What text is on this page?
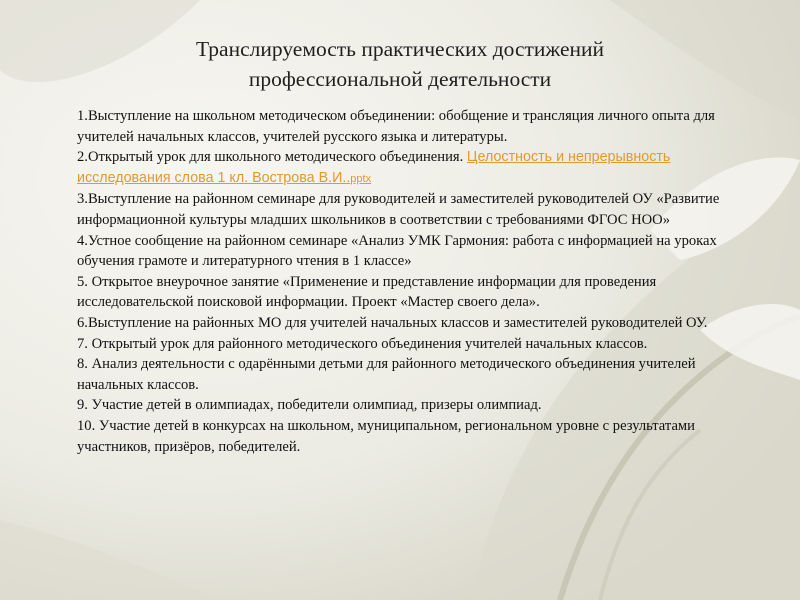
Транслируемость практических достижений
профессиональной деятельности

1.Выступление на школьном методическом объединении: обобщение и трансляция личного опыта для учителей начальных классов, учителей русского языка и литературы.

2.Открытый урок для школьного методического объединения. Целостность и непрерывность исследования слова 1 кл. Вострова В.И..pptx

3.Выступление на районном семинаре для руководителей и заместителей руководителей ОУ «Развитие информационной культуры младших школьников в соответствии с требованиями ФГОС НОО»

4.Устное сообщение на районном семинаре «Анализ УМК Гармония: работа с информацией на уроках обучения грамоте и литературного чтения в 1 классе»

5. Открытое внеурочное занятие «Применение и представление информации для проведения исследовательской поисковой информации. Проект «Мастер своего дела».

6.Выступление на районных МО для учителей начальных классов и заместителей руководителей ОУ.

7. Открытый урок для районного методического объединения учителей начальных классов.

8. Анализ деятельности с одарёнными детьми для районного методического объединения учителей начальных классов.

9. Участие детей в олимпиадах, победители олимпиад, призеры олимпиад.

10. Участие детей в конкурсах на школьном, муниципальном, региональном уровне с результатами участников, призёров, победителей.
